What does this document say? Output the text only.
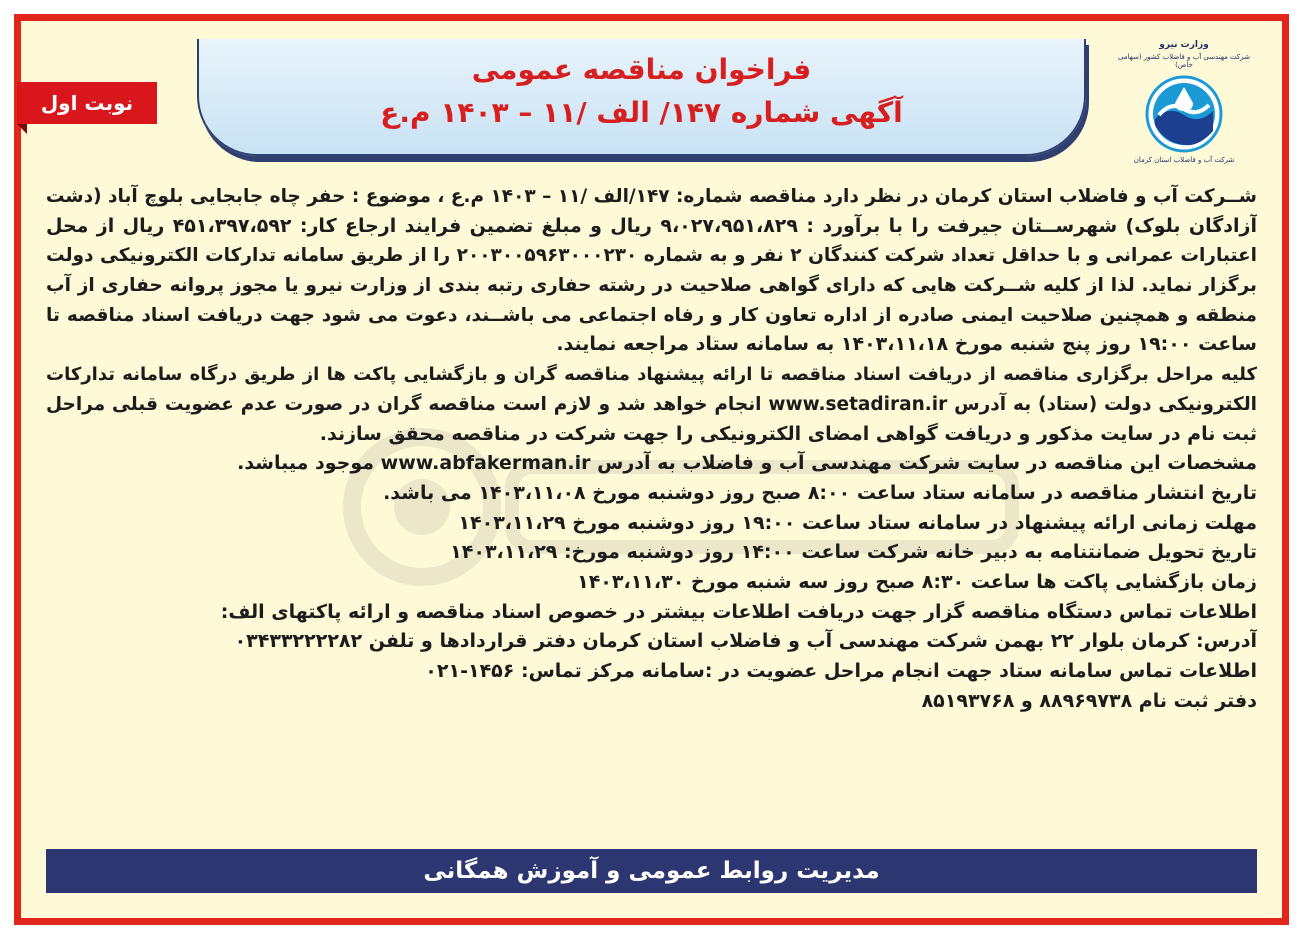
نوبت اول
فراخوان مناقصه عمومی
آگهی شماره ۱۴۷/ الف /۱۱ – ۱۴۰۳ م.ع
وزارت نیرو
شرکت مهندسی آب و فاضلاب کشور (سهامی خاص)
شرکت آب و فاضلاب استان کرمان
شــرکت آب و فاضلاب استان کرمان در نظر دارد مناقصه شماره: ۱۴۷/الف /۱۱ – ۱۴۰۳ م.ع ، موضوع : حفر چاه جابجایی بلوچ آباد (دشت
آزادگان بلوک) شهرســتان جیرفت را با برآورد : ۹،۰۲۷،۹۵۱،۸۲۹ ریال و مبلغ تضمین فرایند ارجاع کار: ۴۵۱،۳۹۷،۵۹۲ ریال از محل
اعتبارات عمرانی و با حداقل تعداد شرکت کنندگان ۲ نفر و به شماره ۲۰۰۳۰۰۵۹۶۳۰۰۰۲۳۰ را از طریق سامانه تدارکات الکترونیکی دولت
برگزار نماید. لذا از کلیه شــرکت هایی که دارای گواهی صلاحیت در رشته حفاری رتبه بندی از وزارت نیرو یا مجوز پروانه حفاری از آب
منطقه و همچنین صلاحیت ایمنی صادره از اداره تعاون کار و رفاه اجتماعی می باشــند، دعوت می شود جهت دریافت اسناد مناقصه تا
ساعت ۱۹:۰۰ روز پنج شنبه مورخ ۱۴۰۳،۱۱،۱۸ به سامانه ستاد مراجعه نمایند.
کلیه مراحل برگزاری مناقصه از دریافت اسناد مناقصه تا ارائه پیشنهاد مناقصه گران و بازگشایی پاکت ها از طریق درگاه سامانه تدارکات
الکترونیکی دولت (ستاد) به آدرس www.setadiran.ir انجام خواهد شد و لازم است مناقصه گران در صورت عدم عضویت قبلی مراحل
ثبت نام در سایت مذکور و دریافت گواهی امضای الکترونیکی را جهت شرکت در مناقصه محقق سازند.
مشخصات این مناقصه در سایت شرکت مهندسی آب و فاضلاب به آدرس www.abfakerman.ir موجود میباشد.
تاریخ انتشار مناقصه در سامانه ستاد ساعت ۸:۰۰ صبح روز دوشنبه مورخ ۱۴۰۳،۱۱،۰۸ می باشد.
مهلت زمانی ارائه پیشنهاد در سامانه ستاد ساعت ۱۹:۰۰ روز دوشنبه مورخ ۱۴۰۳،۱۱،۲۹
تاریخ تحویل ضمانتنامه به دبیر خانه شرکت ساعت ۱۴:۰۰ روز دوشنبه مورخ: ۱۴۰۳،۱۱،۲۹
زمان بازگشایی پاکت ها ساعت ۸:۳۰ صبح روز سه شنبه مورخ ۱۴۰۳،۱۱،۳۰
اطلاعات تماس دستگاه مناقصه گزار جهت دریافت اطلاعات بیشتر در خصوص اسناد مناقصه و ارائه پاکتهای الف:
آدرس: کرمان بلوار ۲۲ بهمن شرکت مهندسی آب و فاضلاب استان کرمان دفتر قراردادها و تلفن ۰۳۴۳۳۲۲۲۲۸۲
اطلاعات تماس سامانه ستاد جهت انجام مراحل عضویت در :سامانه مرکز تماس: ۱۴۵۶-۰۲۱
دفتر ثبت نام ۸۸۹۶۹۷۳۸ و ۸۵۱۹۳۷۶۸
مدیریت روابط عمومی و آموزش همگانی
